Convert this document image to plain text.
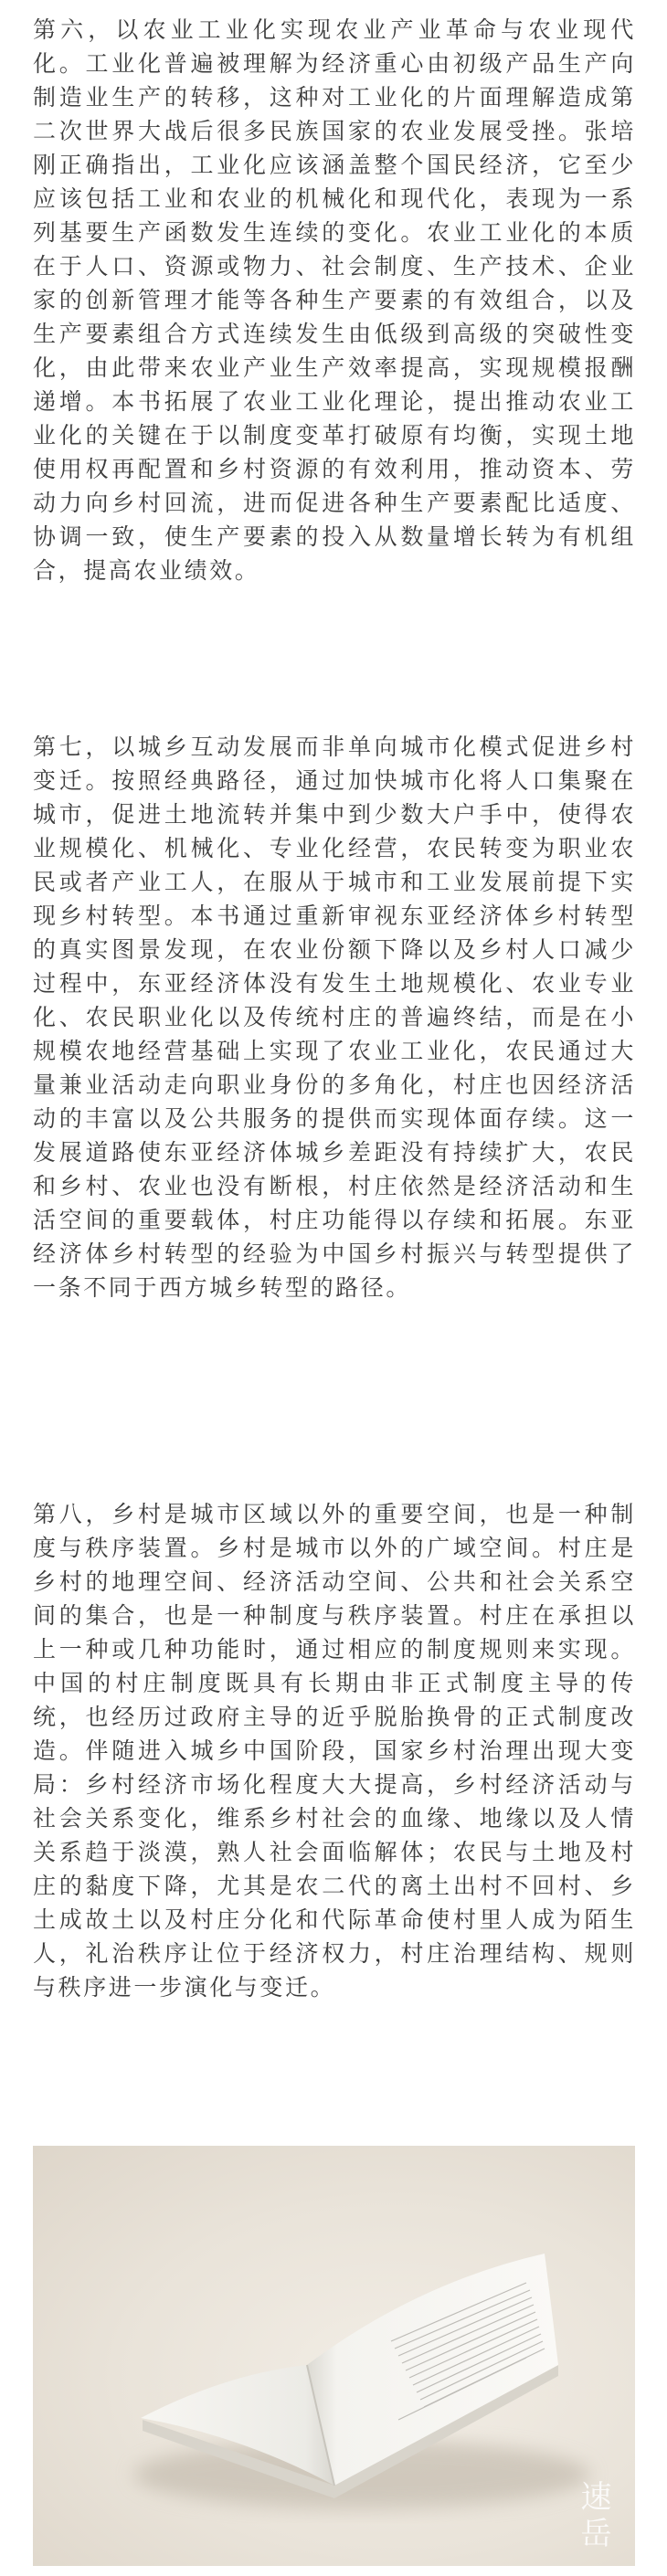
第六，以农业工业化实现农业产业革命与农业现代化。工业化普遍被理解为经济重心由初级产品生产向制造业生产的转移，这种对工业化的片面理解造成第二次世界大战后很多民族国家的农业发展受挫。张培刚正确指出，工业化应该涵盖整个国民经济，它至少应该包括工业和农业的机械化和现代化，表现为一系列基要生产函数发生连续的变化。农业工业化的本质在于人口、资源或物力、社会制度、生产技术、企业家的创新管理才能等各种生产要素的有效组合，以及生产要素组合方式连续发生由低级到高级的突破性变化，由此带来农业产业生产效率提高，实现规模报酬递增。本书拓展了农业工业化理论，提出推动农业工业化的关键在于以制度变革打破原有均衡，实现土地使用权再配置和乡村资源的有效利用，推动资本、劳动力向乡村回流，进而促进各种生产要素配比适度、协调一致，使生产要素的投入从数量增长转为有机组合，提高农业绩效。

第七，以城乡互动发展而非单向城市化模式促进乡村变迁。按照经典路径，通过加快城市化将人口集聚在城市，促进土地流转并集中到少数大户手中，使得农业规模化、机械化、专业化经营，农民转变为职业农民或者产业工人，在服从于城市和工业发展前提下实现乡村转型。本书通过重新审视东亚经济体乡村转型的真实图景发现，在农业份额下降以及乡村人口减少过程中，东亚经济体没有发生土地规模化、农业专业化、农民职业化以及传统村庄的普遍终结，而是在小规模农地经营基础上实现了农业工业化，农民通过大量兼业活动走向职业身份的多角化，村庄也因经济活动的丰富以及公共服务的提供而实现体面存续。这一发展道路使东亚经济体城乡差距没有持续扩大，农民和乡村、农业也没有断根，村庄依然是经济活动和生活空间的重要载体，村庄功能得以存续和拓展。东亚经济体乡村转型的经验为中国乡村振兴与转型提供了一条不同于西方城乡转型的路径。

第八，乡村是城市区域以外的重要空间，也是一种制度与秩序装置。乡村是城市以外的广域空间。村庄是乡村的地理空间、经济活动空间、公共和社会关系空间的集合，也是一种制度与秩序装置。村庄在承担以上一种或几种功能时，通过相应的制度规则来实现。中国的村庄制度既具有长期由非正式制度主导的传统，也经历过政府主导的近乎脱胎换骨的正式制度改造。伴随进入城乡中国阶段，国家乡村治理出现大变局：乡村经济市场化程度大大提高，乡村经济活动与社会关系变化，维系乡村社会的血缘、地缘以及人情关系趋于淡漠，熟人社会面临解体；农民与土地及村庄的黏度下降，尤其是农二代的离土出村不回村、乡土成故土以及村庄分化和代际革命使村里人成为陌生人，礼治秩序让位于经济权力，村庄治理结构、规则与秩序进一步演化与变迁。

速岳
